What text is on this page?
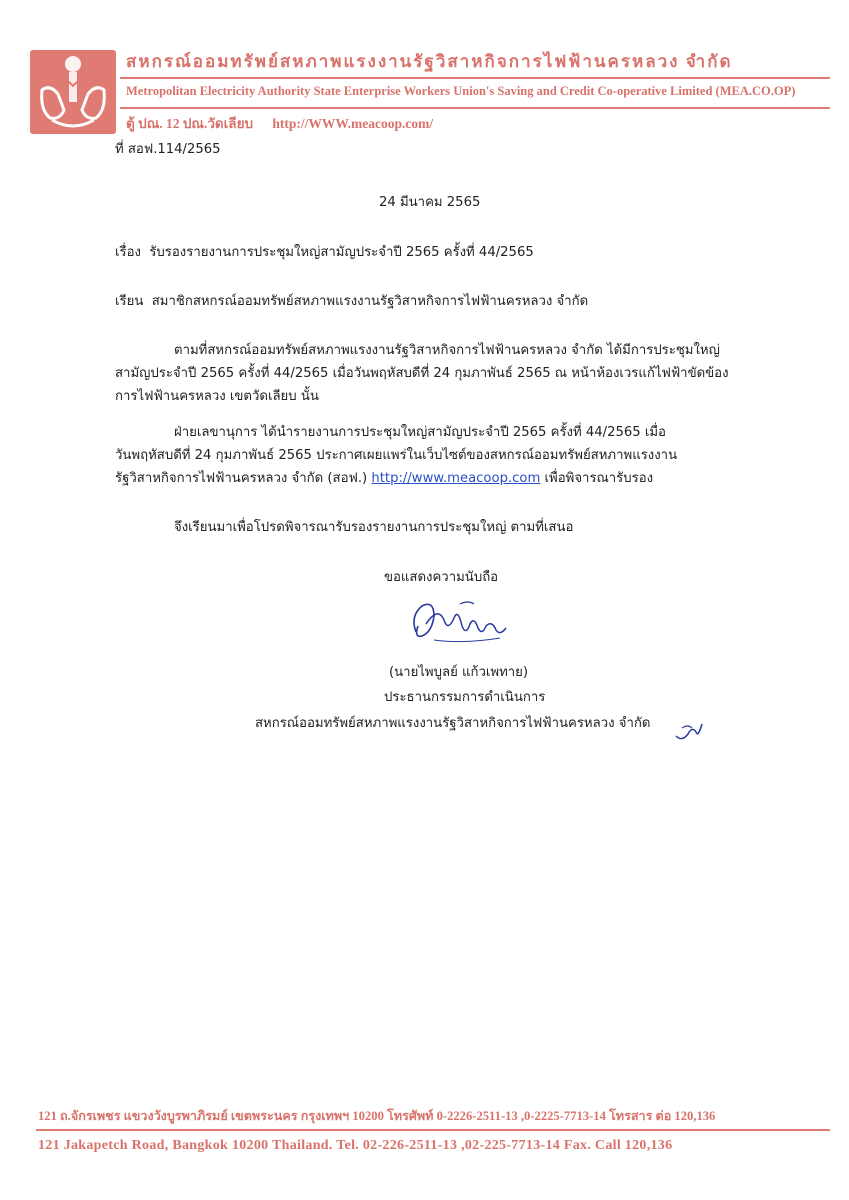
สหกรณ์ออมทรัพย์สหภาพแรงงานรัฐวิสาหกิจการไฟฟ้านครหลวง จำกัด
Metropolitan Electricity Authority State Enterprise Workers Union's Saving and Credit Co-operative Limited (MEA.CO.OP)
ตู้ ปณ. 12 ปณ.วัดเลียบ http://WWW.meacoop.com/
ที่ สอฟ.114/2565
24 มีนาคม 2565
เรื่อง รับรองรายงานการประชุมใหญ่สามัญประจำปี 2565 ครั้งที่ 44/2565
เรียน สมาชิกสหกรณ์ออมทรัพย์สหภาพแรงงานรัฐวิสาหกิจการไฟฟ้านครหลวง จำกัด
ตามที่สหกรณ์ออมทรัพย์สหภาพแรงงานรัฐวิสาหกิจการไฟฟ้านครหลวง จำกัด ได้มีการประชุมใหญ่
สามัญประจำปี 2565 ครั้งที่ 44/2565 เมื่อวันพฤหัสบดีที่ 24 กุมภาพันธ์ 2565 ณ หน้าห้องเวรแก้ไฟฟ้าขัดข้อง
การไฟฟ้านครหลวง เขตวัดเลียบ นั้น
ฝ่ายเลขานุการ ได้นำรายงานการประชุมใหญ่สามัญประจำปี 2565 ครั้งที่ 44/2565 เมื่อ
วันพฤหัสบดีที่ 24 กุมภาพันธ์ 2565 ประกาศเผยแพร่ในเว็บไซต์ของสหกรณ์ออมทรัพย์สหภาพแรงงาน
รัฐวิสาหกิจการไฟฟ้านครหลวง จำกัด (สอฟ.) http://www.meacoop.com เพื่อพิจารณารับรอง
จึงเรียนมาเพื่อโปรดพิจารณารับรองรายงานการประชุมใหญ่ ตามที่เสนอ
ขอแสดงความนับถือ
(นายไพบูลย์ แก้วเพทาย)
ประธานกรรมการดำเนินการ
สหกรณ์ออมทรัพย์สหภาพแรงงานรัฐวิสาหกิจการไฟฟ้านครหลวง จำกัด
121 ถ.จักรเพชร แขวงวังบูรพาภิรมย์ เขตพระนคร กรุงเทพฯ 10200 โทรศัพท์ 0-2226-2511-13 ,0-2225-7713-14 โทรสาร ต่อ 120,136
121 Jakapetch Road, Bangkok 10200 Thailand. Tel. 02-226-2511-13 ,02-225-7713-14 Fax. Call 120,136
